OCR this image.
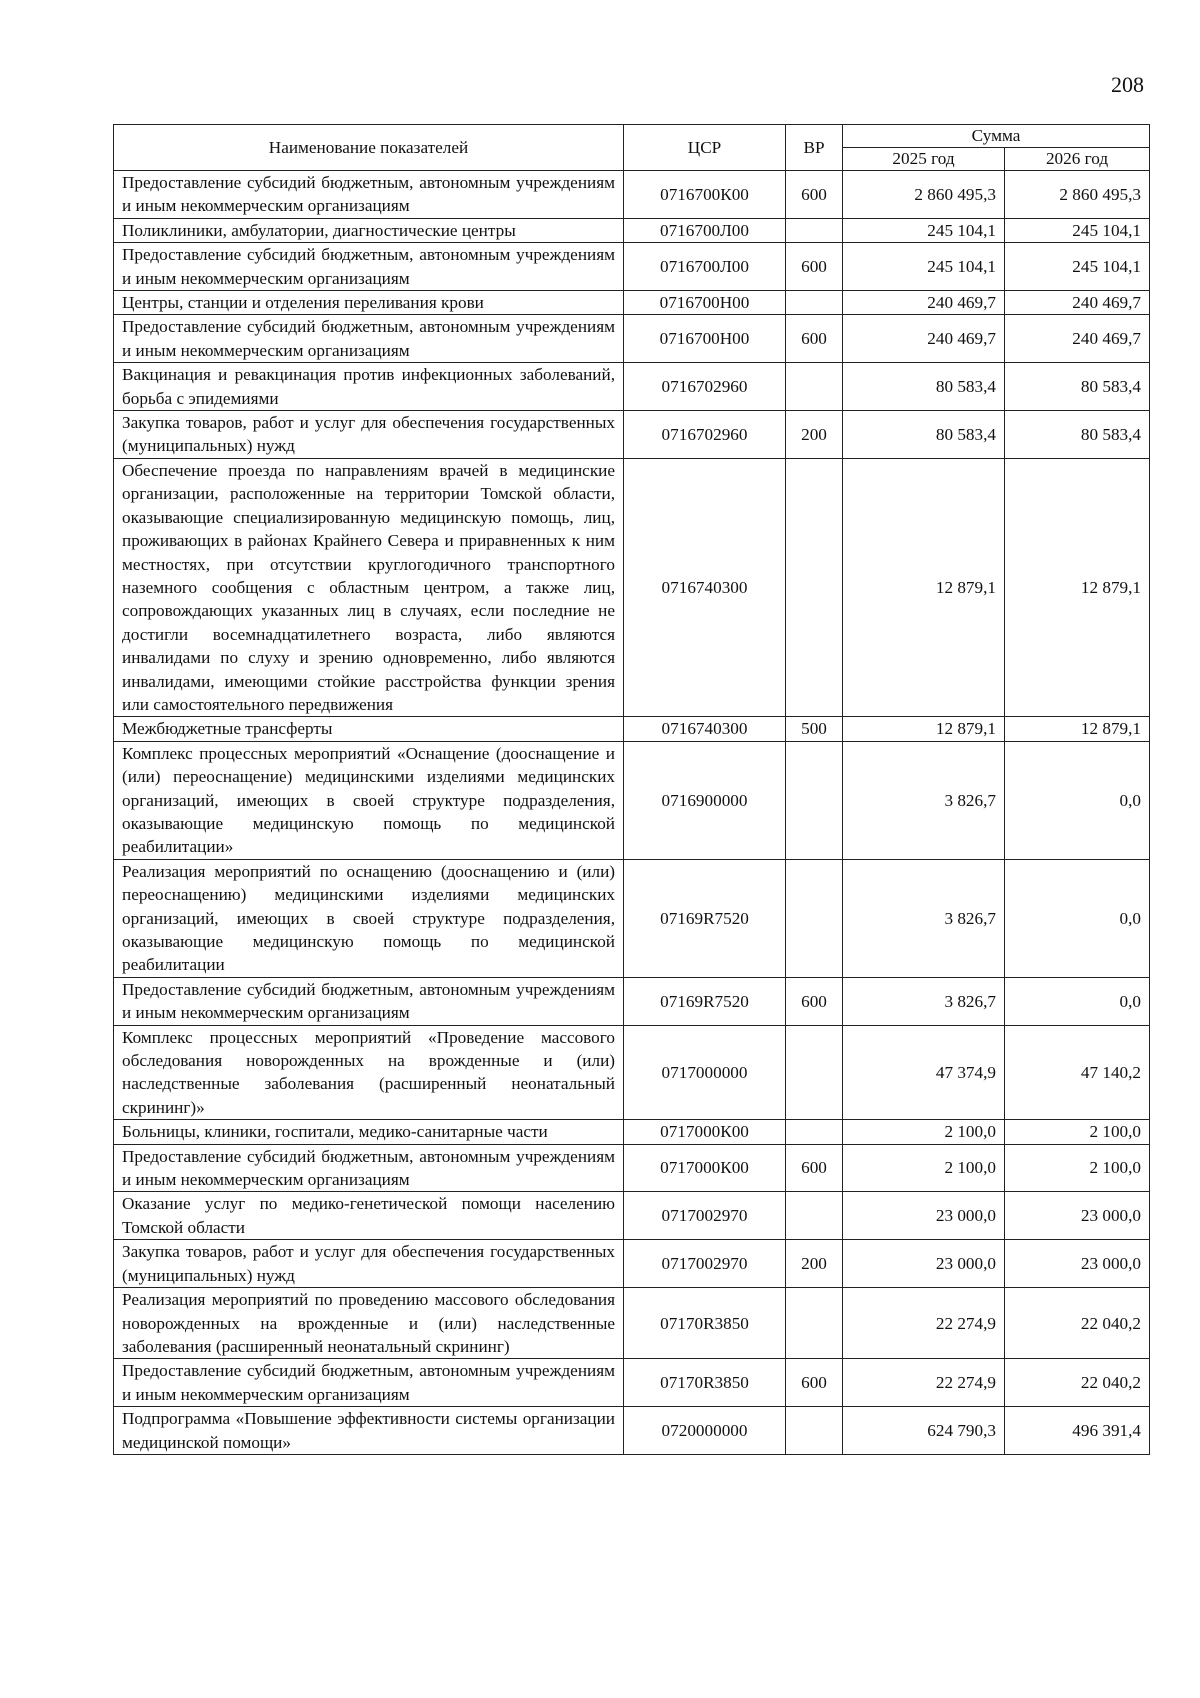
208
Наименование показателей	ЦСР	ВР	Сумма	
			2025 год	2026 год
Предоставление субсидий бюджетным, автономным учреждениям и иным некоммерческим организациям	0716700К00	600	2 860 495,3	2 860 495,3
Поликлиники, амбулатории, диагностические центры	0716700Л00		245 104,1	245 104,1
Предоставление субсидий бюджетным, автономным учреждениям и иным некоммерческим организациям	0716700Л00	600	245 104,1	245 104,1
Центры, станции и отделения переливания крови	0716700Н00		240 469,7	240 469,7
Предоставление субсидий бюджетным, автономным учреждениям и иным некоммерческим организациям	0716700Н00	600	240 469,7	240 469,7
Вакцинация и ревакцинация против инфекционных заболеваний, борьба с эпидемиями	0716702960		80 583,4	80 583,4
Закупка товаров, работ и услуг для обеспечения государственных (муниципальных) нужд	0716702960	200	80 583,4	80 583,4
Обеспечение проезда по направлениям врачей в медицинские организации, расположенные на территории Томской области, оказывающие специализированную медицинскую помощь, лиц, проживающих в районах Крайнего Севера и приравненных к ним местностях, при отсутствии круглогодичного транспортного наземного сообщения с областным центром, а также лиц, сопровождающих указанных лиц в случаях, если последние не достигли восемнадцатилетнего возраста, либо являются инвалидами по слуху и зрению одновременно, либо являются инвалидами, имеющими стойкие расстройства функции зрения или самостоятельного передвижения	0716740300		12 879,1	12 879,1
Межбюджетные трансферты	0716740300	500	12 879,1	12 879,1
Комплекс процессных мероприятий «Оснащение (дооснащение и (или) переоснащение) медицинскими изделиями медицинских организаций, имеющих в своей структуре подразделения, оказывающие медицинскую помощь по медицинской реабилитации»	0716900000		3 826,7	0,0
Реализация мероприятий по оснащению (дооснащению и (или) переоснащению) медицинскими изделиями медицинских организаций, имеющих в своей структуре подразделения, оказывающие медицинскую помощь по медицинской реабилитации	07169R7520		3 826,7	0,0
Предоставление субсидий бюджетным, автономным учреждениям и иным некоммерческим организациям	07169R7520	600	3 826,7	0,0
Комплекс процессных мероприятий «Проведение массового обследования новорожденных на врожденные и (или) наследственные заболевания (расширенный неонатальный скрининг)»	0717000000		47 374,9	47 140,2
Больницы, клиники, госпитали, медико-санитарные части	0717000К00		2 100,0	2 100,0
Предоставление субсидий бюджетным, автономным учреждениям и иным некоммерческим организациям	0717000К00	600	2 100,0	2 100,0
Оказание услуг по медико-генетической помощи населению Томской области	0717002970		23 000,0	23 000,0
Закупка товаров, работ и услуг для обеспечения государственных (муниципальных) нужд	0717002970	200	23 000,0	23 000,0
Реализация мероприятий по проведению массового обследования новорожденных на врожденные и (или) наследственные заболевания (расширенный неонатальный скрининг)	07170R3850		22 274,9	22 040,2
Предоставление субсидий бюджетным, автономным учреждениям и иным некоммерческим организациям	07170R3850	600	22 274,9	22 040,2
Подпрограмма «Повышение эффективности системы организации медицинской помощи»	0720000000		624 790,3	496 391,4
